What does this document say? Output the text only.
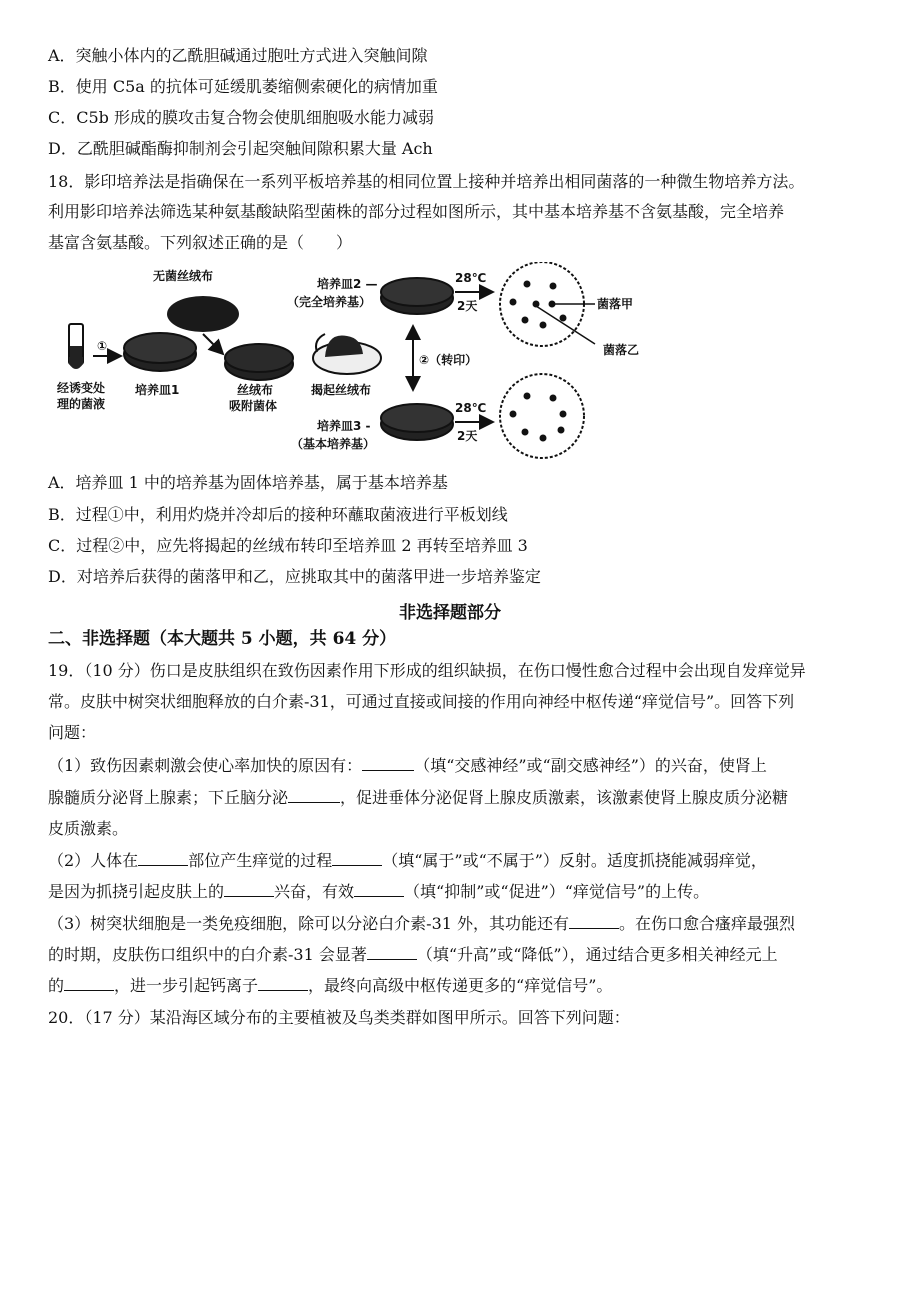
A．突触小体内的乙酰胆碱通过胞吐方式进入突触间隙
B．使用 C5a 的抗体可延缓肌萎缩侧索硬化的病情加重
C．C5b 形成的膜攻击复合物会使肌细胞吸水能力减弱
D．乙酰胆碱酯酶抑制剂会引起突触间隙积累大量 Ach
18．影印培养法是指确保在一系列平板培养基的相同位置上接种并培养出相同菌落的一种微生物培养方法。
利用影印培养法筛选某种氨基酸缺陷型菌株的部分过程如图所示，其中基本培养基不含氨基酸，完全培养
基富含氨基酸。下列叙述正确的是（　　）
经诱变处
理的菌液
①
培养皿1
无菌丝绒布
丝绒布
吸附菌体
揭起丝绒布
培养皿2 —
（完全培养基）
培养皿3 -
（基本培养基）
②（转印）
28℃
2天
28℃
2天
菌落甲
菌落乙
A．培养皿 1 中的培养基为固体培养基，属于基本培养基
B．过程①中，利用灼烧并冷却后的接种环蘸取菌液进行平板划线
C．过程②中，应先将揭起的丝绒布转印至培养皿 2 再转至培养皿 3
D．对培养后获得的菌落甲和乙，应挑取其中的菌落甲进一步培养鉴定
非选择题部分
二、非选择题（本大题共 5 小题，共 64 分）
19．（10 分）伤口是皮肤组织在致伤因素作用下形成的组织缺损，在伤口慢性愈合过程中会出现自发痒觉异
常。皮肤中树突状细胞释放的白介素-31，可通过直接或间接的作用向神经中枢传递“痒觉信号”。回答下列
问题：
（1）致伤因素刺激会使心率加快的原因有：	（填“交感神经”或“副交感神经”）的兴奋，使肾上
腺髓质分泌肾上腺素；下丘脑分泌	，促进垂体分泌促肾上腺皮质激素，该激素使肾上腺皮质分泌糖
皮质激素。
（2）人体在	部位产生痒觉的过程	（填“属于”或“不属于”）反射。适度抓挠能减弱痒觉，
是因为抓挠引起皮肤上的	兴奋，有效	（填“抑制”或“促进”）“痒觉信号”的上传。
（3）树突状细胞是一类免疫细胞，除可以分泌白介素-31 外，其功能还有	。在伤口愈合瘙痒最强烈
的时期，皮肤伤口组织中的白介素-31 会显著	（填“升高”或“降低”），通过结合更多相关神经元上
的	，进一步引起钙离子	，最终向高级中枢传递更多的“痒觉信号”。
20．（17 分）某沿海区域分布的主要植被及鸟类类群如图甲所示。回答下列问题：
